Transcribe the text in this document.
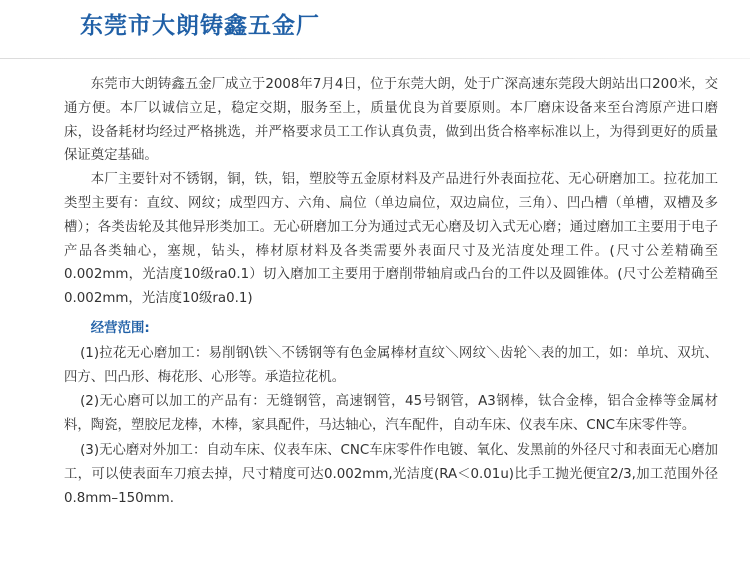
东莞市大朗铸鑫五金厂

东莞市大朗铸鑫五金厂成立于2008年7月4日，位于东莞大朗，处于广深高速东莞段大朗站出口200米，交通方便。本厂以诚信立足，稳定交期，服务至上，质量优良为首要原则。本厂磨床设备来至台湾原产进口磨床，设备耗材均经过严格挑选，并严格要求员工工作认真负责，做到出货合格率标准以上，为得到更好的质量保证奠定基础。

本厂主要针对不锈钢，铜，铁，铝，塑胶等五金原材料及产品进行外表面拉花、无心研磨加工。拉花加工类型主要有：直纹、网纹；成型四方、六角、扁位（单边扁位，双边扁位，三角）、凹凸槽（单槽，双槽及多槽）；各类齿轮及其他异形类加工。无心研磨加工分为通过式无心磨及切入式无心磨；通过磨加工主要用于电子产品各类轴心，塞规，钻头，棒材原材料及各类需要外表面尺寸及光洁度处理工件。(尺寸公差精确至0.002mm，光洁度10级ra0.1）切入磨加工主要用于磨削带轴肩或凸台的工件以及圆锥体。(尺寸公差精确至0.002mm，光洁度10级ra0.1)

经营范围:

(1)拉花无心磨加工：易削钢\铁＼不锈钢等有色金属棒材直纹＼网纹＼齿轮＼表的加工，如：单坑、双坑、四方、凹凸形、梅花形、心形等。承造拉花机。

(2)无心磨可以加工的产品有：无缝钢管，高速钢管，45号钢管，A3钢棒，钛合金棒，铝合金棒等金属材料，陶瓷，塑胶尼龙棒，木棒，家具配件，马达轴心，汽车配件，自动车床、仪表车床、CNC车床零件等。

(3)无心磨对外加工：自动车床、仪表车床、CNC车床零件作电镀、氧化、发黑前的外径尺寸和表面无心磨加工，可以使表面车刀痕去掉，尺寸精度可达0.002mm,光洁度(RA＜0.01u)比手工抛光便宜2/3,加工范围外径0.8mm–150mm.
